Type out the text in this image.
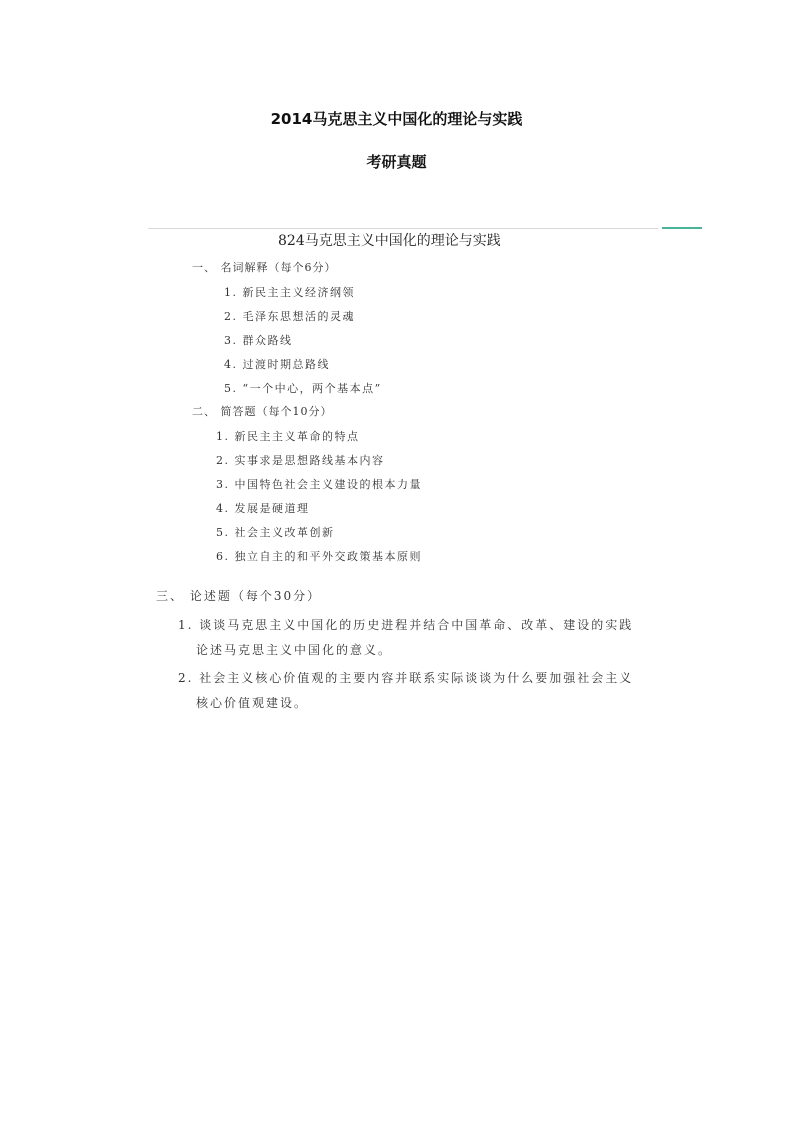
2014马克思主义中国化的理论与实践
考研真题
824马克思主义中国化的理论与实践
一、 名词解释（每个6分）
1. 新民主主义经济纲领
2. 毛泽东思想活的灵魂
3. 群众路线
4. 过渡时期总路线
5. “一个中心，两个基本点”
二、 简答题（每个10分）
1. 新民主主义革命的特点
2. 实事求是思想路线基本内容
3. 中国特色社会主义建设的根本力量
4. 发展是硬道理
5. 社会主义改革创新
6. 独立自主的和平外交政策基本原则
三、 论述题（每个30分）
1. 谈谈马克思主义中国化的历史进程并结合中国革命、改革、建设的实践
论述马克思主义中国化的意义。
2. 社会主义核心价值观的主要内容并联系实际谈谈为什么要加强社会主义
核心价值观建设。
